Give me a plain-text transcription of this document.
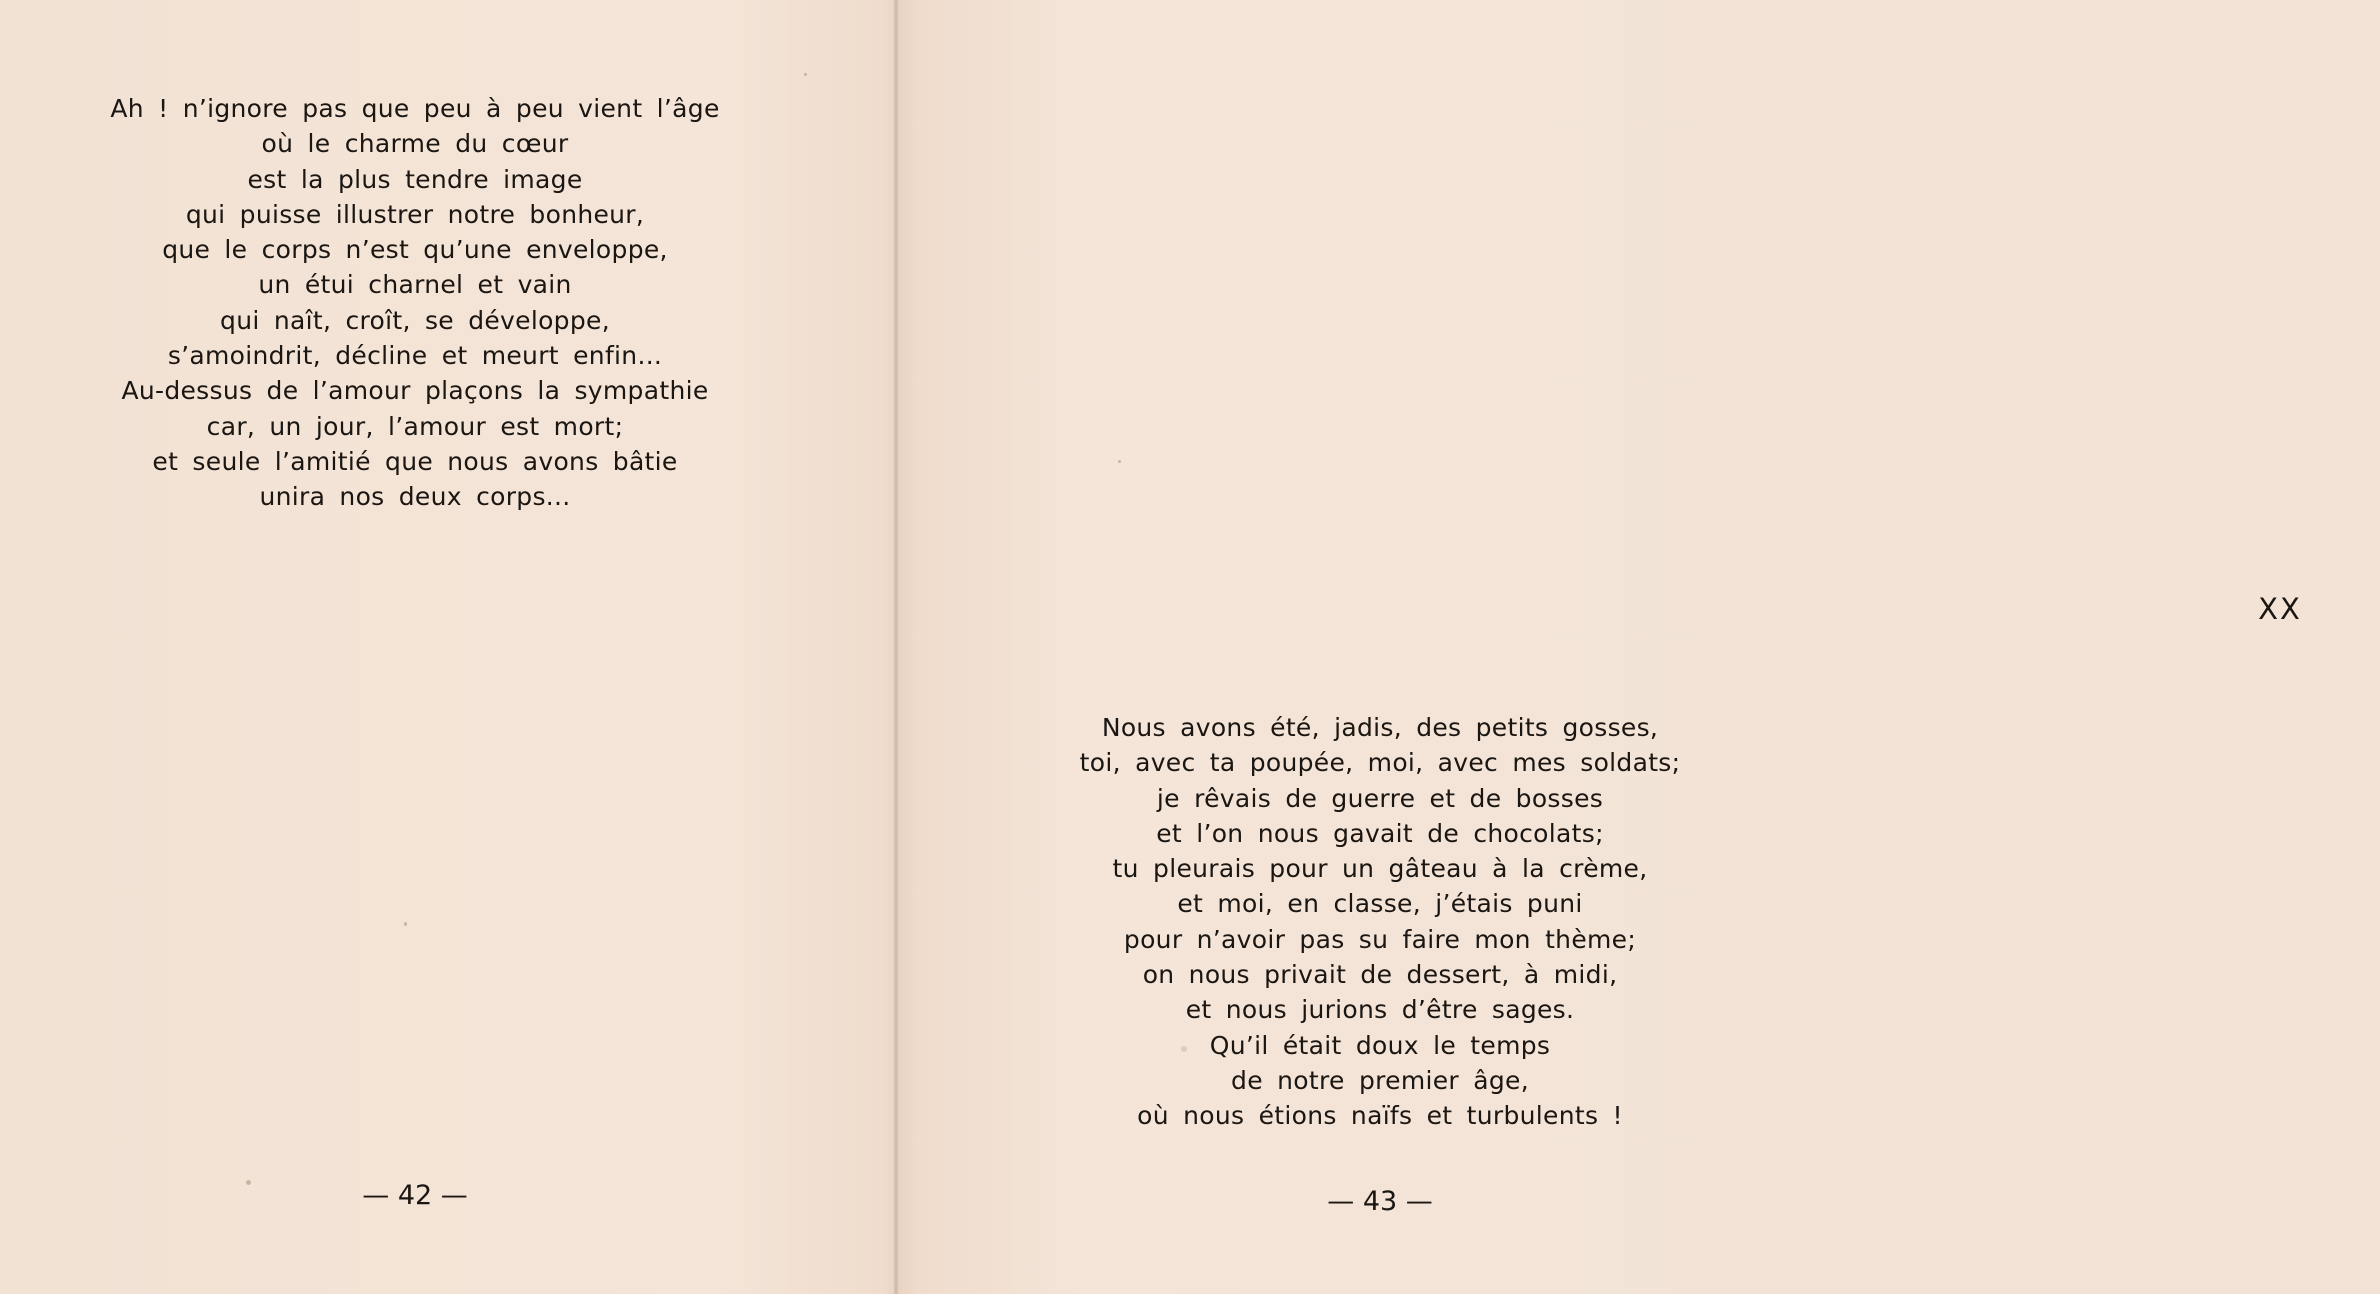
Ah ! n’ignore pas que peu à peu vient l’âge
où le charme du cœur
est la plus tendre image
qui puisse illustrer notre bonheur,
que le corps n’est qu’une enveloppe,
un étui charnel et vain
qui naît, croît, se développe,
s’amoindrit, décline et meurt enfin...
Au-dessus de l’amour plaçons la sympathie
car, un jour, l’amour est mort;
et seule l’amitié que nous avons bâtie
unira nos deux corps...
— 42 —
XX
Nous avons été, jadis, des petits gosses,
toi, avec ta poupée, moi, avec mes soldats;
je rêvais de guerre et de bosses
et l’on nous gavait de chocolats;
tu pleurais pour un gâteau à la crème,
et moi, en classe, j’étais puni
pour n’avoir pas su faire mon thème;
on nous privait de dessert, à midi,
et nous jurions d’être sages.
Qu’il était doux le temps
de notre premier âge,
où nous étions naïfs et turbulents !
— 43 —
